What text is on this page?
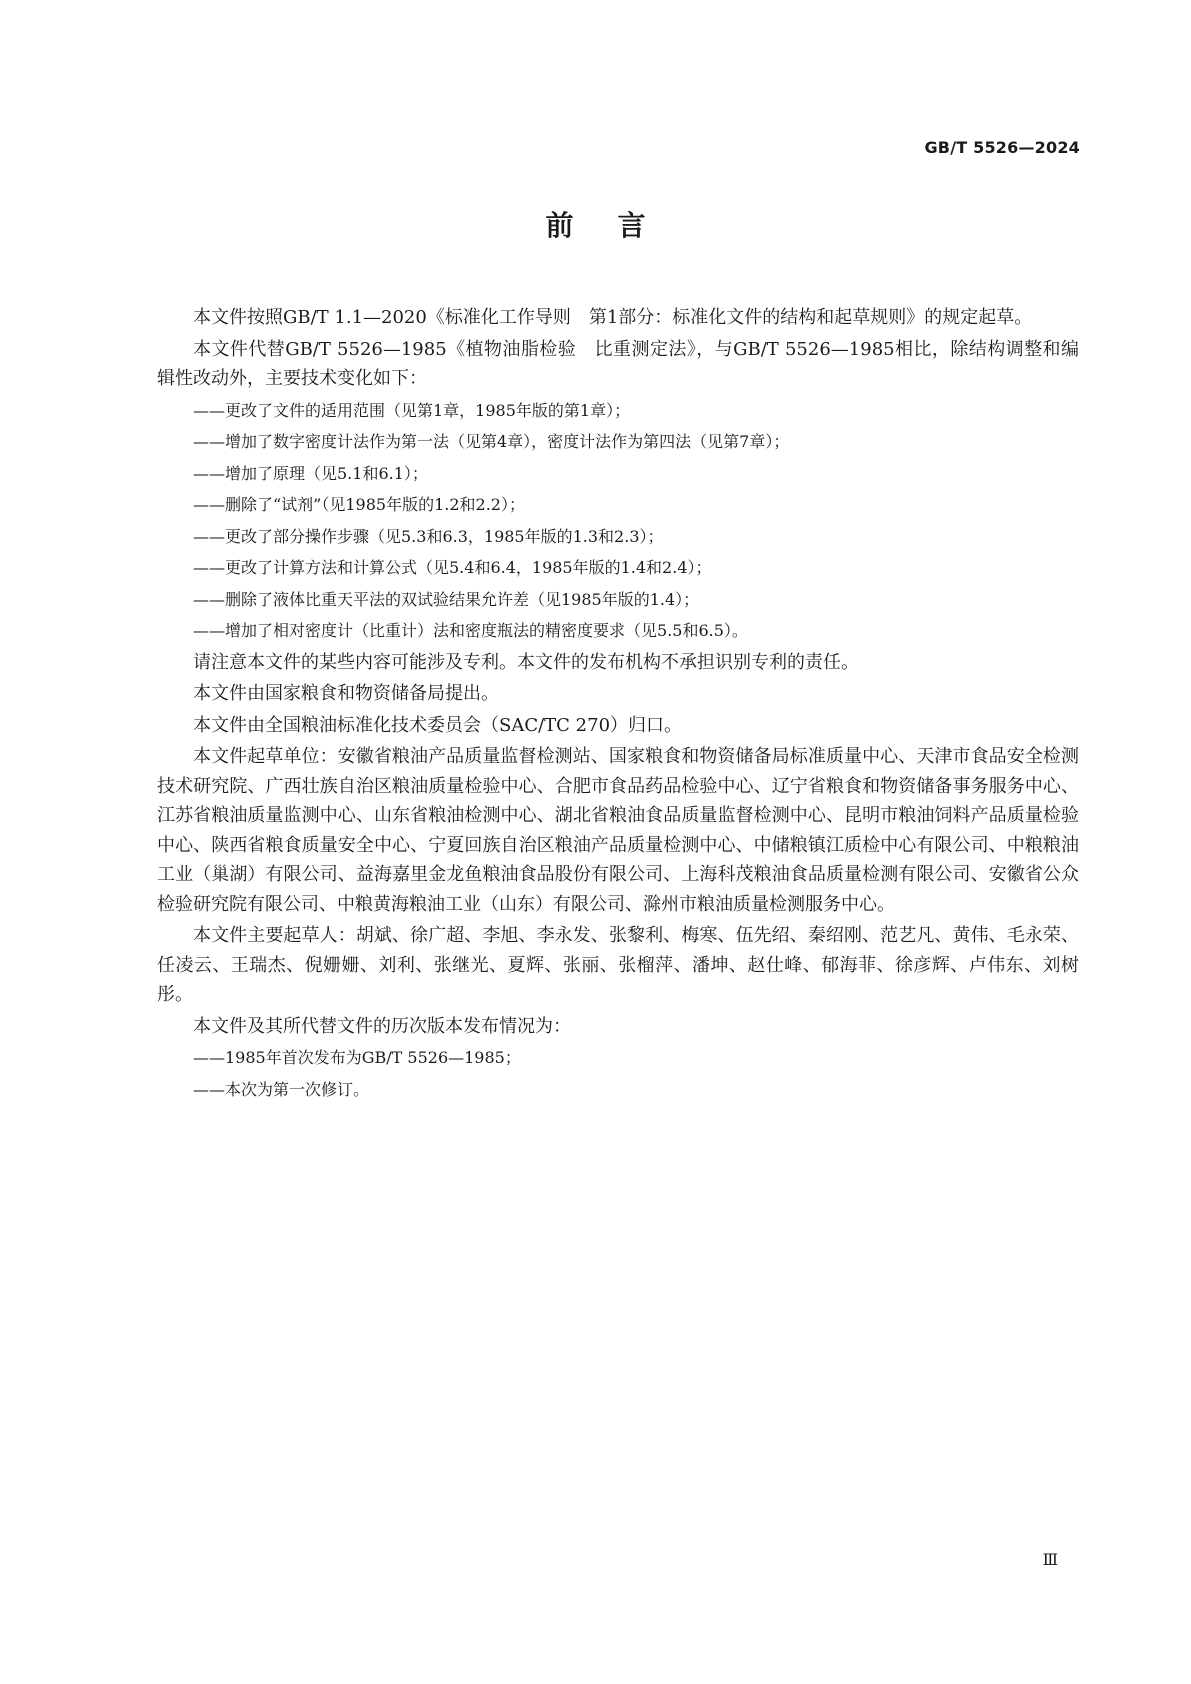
GB/T 5526—2024
前言

本文件按照GB/T 1.1—2020《标准化工作导则　第1部分：标准化文件的结构和起草规则》的规定起草。

本文件代替GB/T 5526—1985《植物油脂检验　比重测定法》，与GB/T 5526—1985相比，除结构调整和编辑性改动外，主要技术变化如下：

——更改了文件的适用范围（见第1章，1985年版的第1章）；

——增加了数字密度计法作为第一法（见第4章），密度计法作为第四法（见第7章）；

——增加了原理（见5.1和6.1）；

——删除了“试剂”（见1985年版的1.2和2.2）；

——更改了部分操作步骤（见5.3和6.3，1985年版的1.3和2.3）；

——更改了计算方法和计算公式（见5.4和6.4，1985年版的1.4和2.4）；

——删除了液体比重天平法的双试验结果允许差（见1985年版的1.4）；

——增加了相对密度计（比重计）法和密度瓶法的精密度要求（见5.5和6.5）。

请注意本文件的某些内容可能涉及专利。本文件的发布机构不承担识别专利的责任。

本文件由国家粮食和物资储备局提出。

本文件由全国粮油标准化技术委员会（SAC/TC 270）归口。

本文件起草单位：安徽省粮油产品质量监督检测站、国家粮食和物资储备局标准质量中心、天津市食品安全检测技术研究院、广西壮族自治区粮油质量检验中心、合肥市食品药品检验中心、辽宁省粮食和物资储备事务服务中心、江苏省粮油质量监测中心、山东省粮油检测中心、湖北省粮油食品质量监督检测中心、昆明市粮油饲料产品质量检验中心、陕西省粮食质量安全中心、宁夏回族自治区粮油产品质量检测中心、中储粮镇江质检中心有限公司、中粮粮油工业（巢湖）有限公司、益海嘉里金龙鱼粮油食品股份有限公司、上海科茂粮油食品质量检测有限公司、安徽省公众检验研究院有限公司、中粮黄海粮油工业（山东）有限公司、滁州市粮油质量检测服务中心。

本文件主要起草人：胡斌、徐广超、李旭、李永发、张黎利、梅寒、伍先绍、秦绍刚、范艺凡、黄伟、毛永荣、任凌云、王瑞杰、倪姗姗、刘利、张继光、夏辉、张丽、张榴萍、潘坤、赵仕峰、郁海菲、徐彦辉、卢伟东、刘树彤。

本文件及其所代替文件的历次版本发布情况为：

——1985年首次发布为GB/T 5526—1985；

——本次为第一次修订。

Ⅲ
